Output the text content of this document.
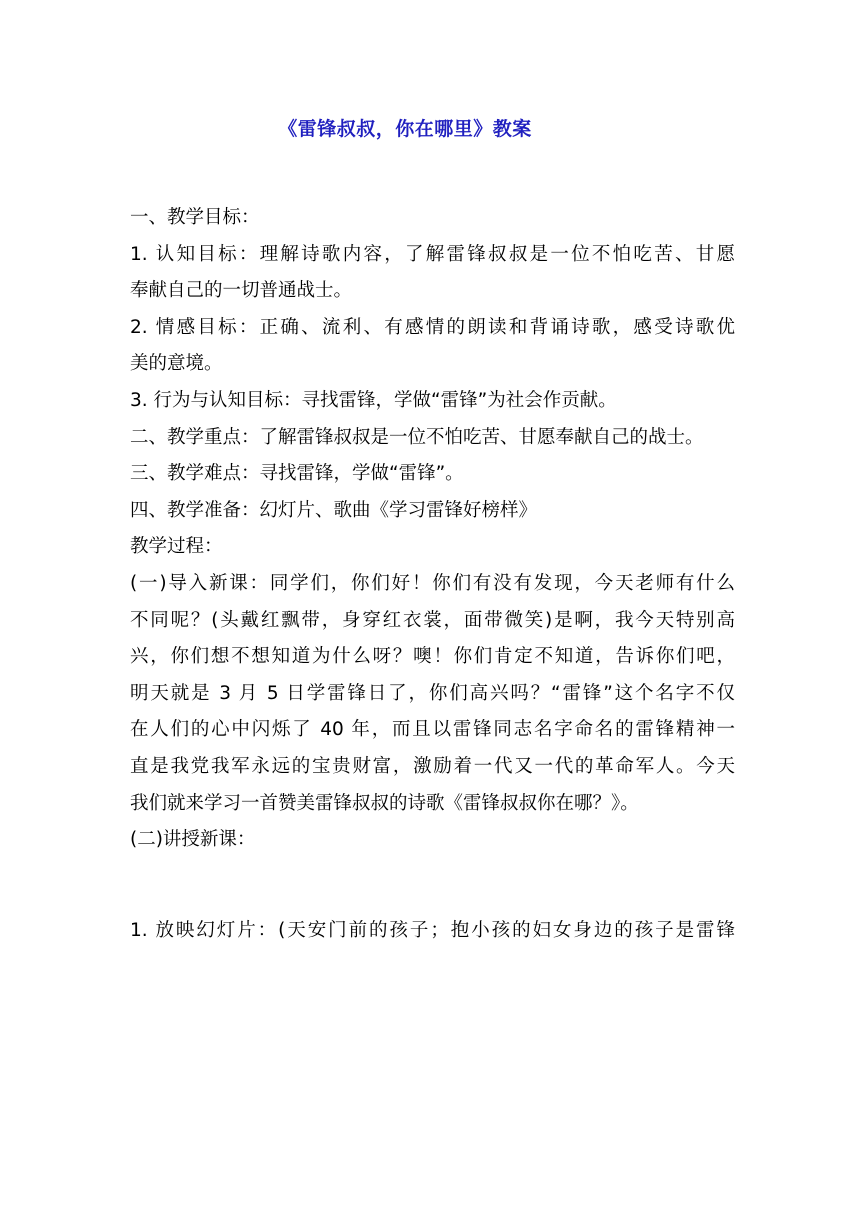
《雷锋叔叔，你在哪里》教案
一、教学目标：
1. 认知目标：理解诗歌内容，了解雷锋叔叔是一位不怕吃苦、甘愿
奉献自己的一切普通战士。
2. 情感目标：正确、流利、有感情的朗读和背诵诗歌，感受诗歌优
美的意境。
3. 行为与认知目标：寻找雷锋，学做“雷锋”为社会作贡献。
二、教学重点：了解雷锋叔叔是一位不怕吃苦、甘愿奉献自己的战士。
三、教学难点：寻找雷锋，学做“雷锋”。
四、教学准备：幻灯片、歌曲《学习雷锋好榜样》
教学过程：
(一)导入新课：同学们，你们好！你们有没有发现，今天老师有什么
不同呢？(头戴红飘带，身穿红衣裳，面带微笑)是啊，我今天特别高
兴，你们想不想知道为什么呀？噢！你们肯定不知道，告诉你们吧，
明天就是 3 月 5 日学雷锋日了，你们高兴吗？“雷锋”这个名字不仅
在人们的心中闪烁了 40 年，而且以雷锋同志名字命名的雷锋精神一
直是我党我军永远的宝贵财富，激励着一代又一代的革命军人。今天
我们就来学习一首赞美雷锋叔叔的诗歌《雷锋叔叔你在哪？》。
(二)讲授新课：
1. 放映幻灯片：(天安门前的孩子；抱小孩的妇女身边的孩子是雷锋
